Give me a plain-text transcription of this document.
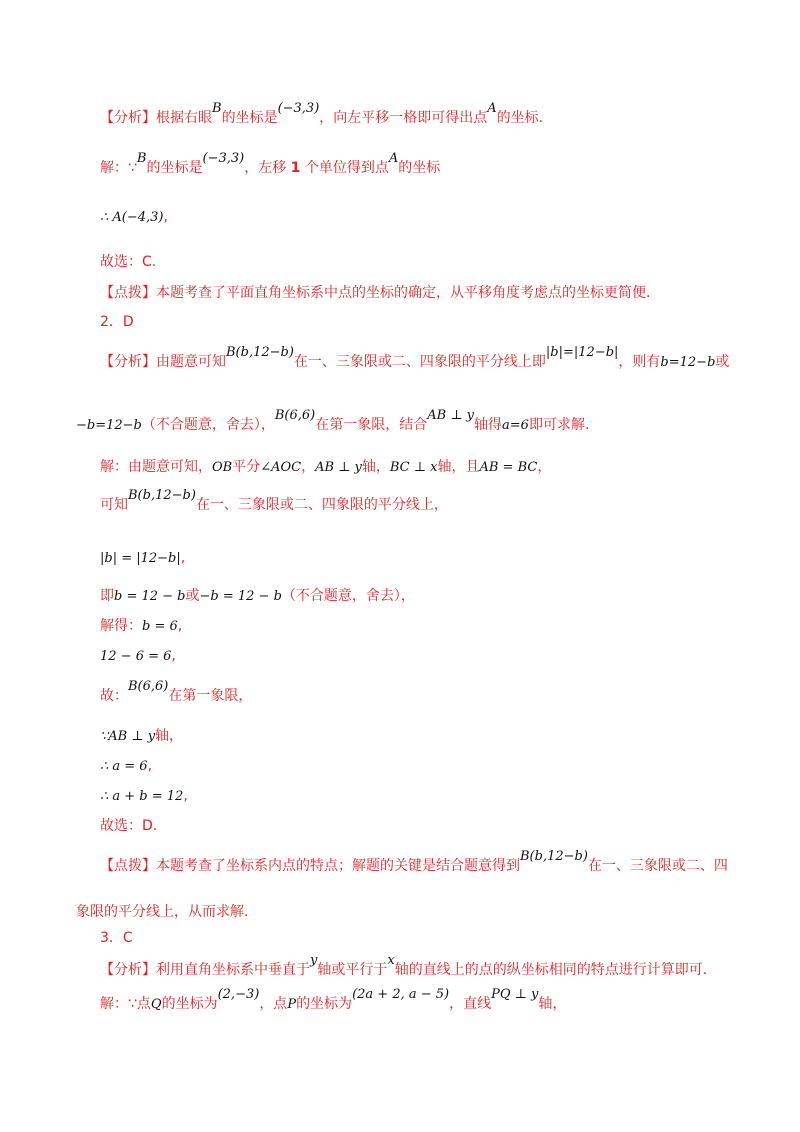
【分析】根据右眼B的坐标是(−3,3)，向左平移一格即可得出点A的坐标.
解：∵B的坐标是(−3,3)，左移 1 个单位得到点A的坐标
∴ A(−4,3),
故选：C.
【点拨】本题考查了平面直角坐标系中点的坐标的确定，从平移角度考虑点的坐标更简便.
2．D
【分析】由题意可知B(b,12−b)在一、三象限或二、四象限的平分线上即|b|=|12−b|，则有b=12−b或
−b=12−b（不合题意，舍去），B(6,6)在第一象限，结合AB ⊥ y轴得a=6即可求解.
解：由题意可知，OB平分∠AOC，AB ⊥ y轴，BC ⊥ x轴，且AB = BC，
可知B(b,12−b)在一、三象限或二、四象限的平分线上，
|b| = |12−b|,
即b = 12 − b或−b = 12 − b（不合题意，舍去），
解得：b = 6,
12 − 6 = 6,
故：B(6,6)在第一象限，
∵AB ⊥ y轴，
∴ a = 6,
∴ a + b = 12,
故选：D.
【点拨】本题考查了坐标系内点的特点；解题的关键是结合题意得到B(b,12−b)在一、三象限或二、四
象限的平分线上，从而求解.
3．C
【分析】利用直角坐标系中垂直于y轴或平行于x轴的直线上的点的纵坐标相同的特点进行计算即可.
解：∵点Q的坐标为(2,−3)，点P的坐标为(2a + 2, a − 5)，直线PQ ⊥ y轴，
